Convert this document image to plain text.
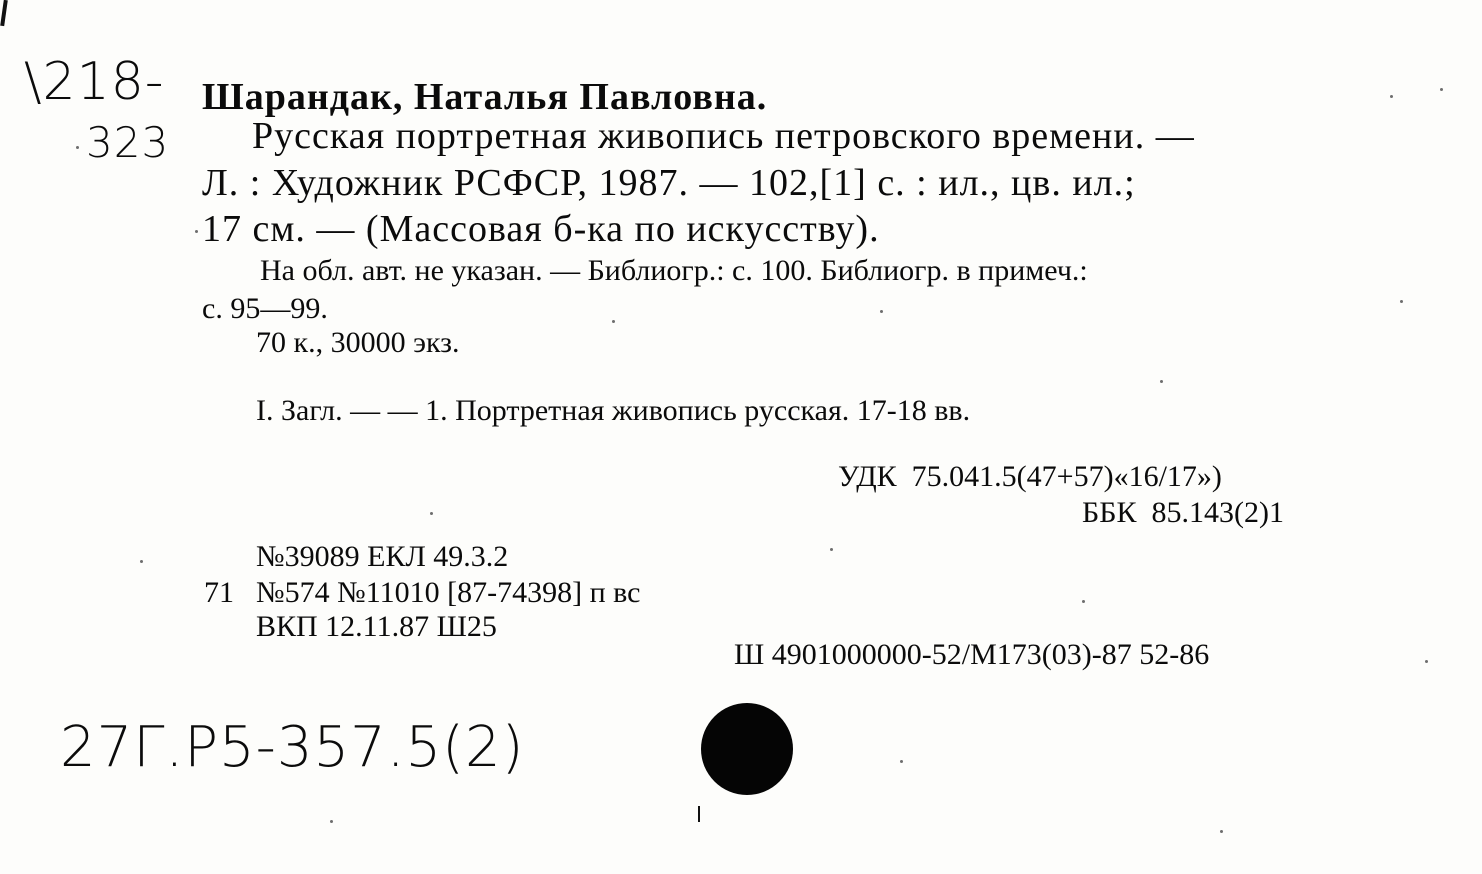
\218-
323
Шарандак, Наталья Павловна.
Русская портретная живопись петровского времени. —
Л. : Художник РСФСР, 1987. — 102,[1] с. : ил., цв. ил.;
17 см. — (Массовая б-ка по искусству).
На обл. авт. не указан. — Библиогр.: с. 100. Библиогр. в примеч.:
с. 95—99.
70 к., 30000 экз.
I. Загл. — — 1. Портретная живопись русская. 17-18 вв.
УДК  75.041.5(47+57)«16/17»)
ББК  85.143(2)1
№39089 ЕКЛ 49.3.2
71 №574 №11010 [87-74398] п вс
ВКП 12.11.87 Ш25
Ш 4901000000-52/М173(03)-87 52-86
27Г.Р5-357.5(2)
